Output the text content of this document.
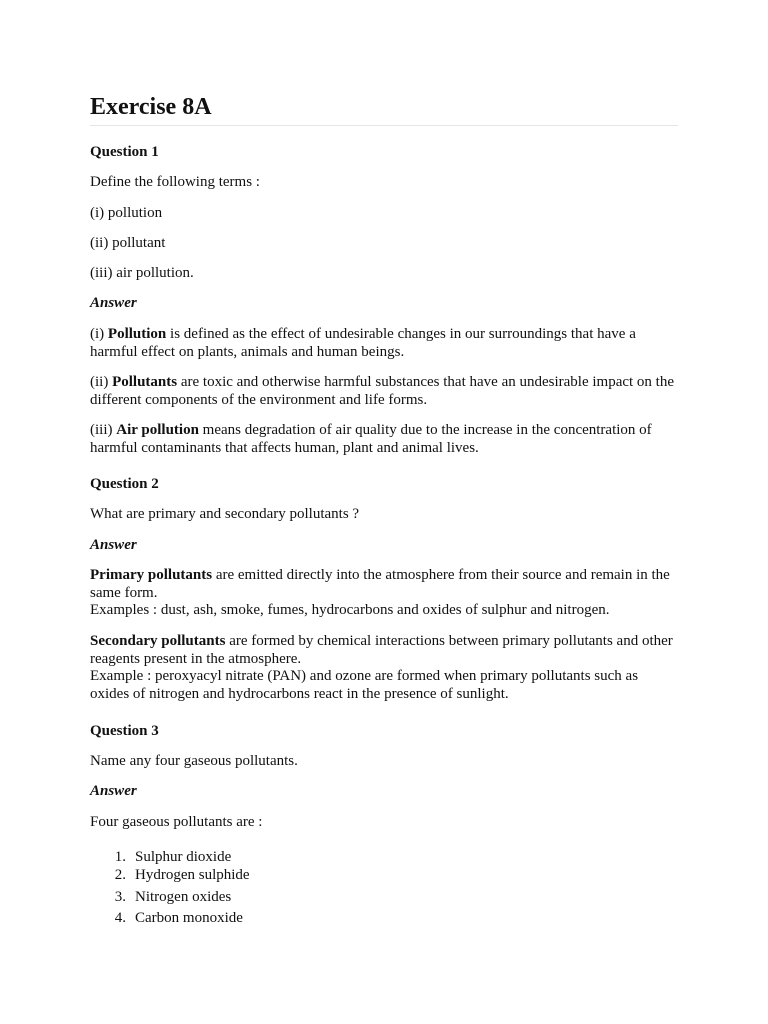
Exercise 8A

Question 1

Define the following terms :

(i) pollution

(ii) pollutant

(iii) air pollution.

Answer

(i) Pollution is defined as the effect of undesirable changes in our surroundings that have a harmful effect on plants, animals and human beings.

(ii) Pollutants are toxic and otherwise harmful substances that have an undesirable impact on the different components of the environment and life forms.

(iii) Air pollution means degradation of air quality due to the increase in the concentration of harmful contaminants that affects human, plant and animal lives.

Question 2

What are primary and secondary pollutants ?

Answer

Primary pollutants are emitted directly into the atmosphere from their source and remain in the same form.
Examples : dust, ash, smoke, fumes, hydrocarbons and oxides of sulphur and nitrogen.

Secondary pollutants are formed by chemical interactions between primary pollutants and other reagents present in the atmosphere.
Example : peroxyacyl nitrate (PAN) and ozone are formed when primary pollutants such as oxides of nitrogen and hydrocarbons react in the presence of sunlight.

Question 3

Name any four gaseous pollutants.

Answer

Four gaseous pollutants are :

1. Sulphur dioxide
2. Hydrogen sulphide
3. Nitrogen oxides
4. Carbon monoxide
